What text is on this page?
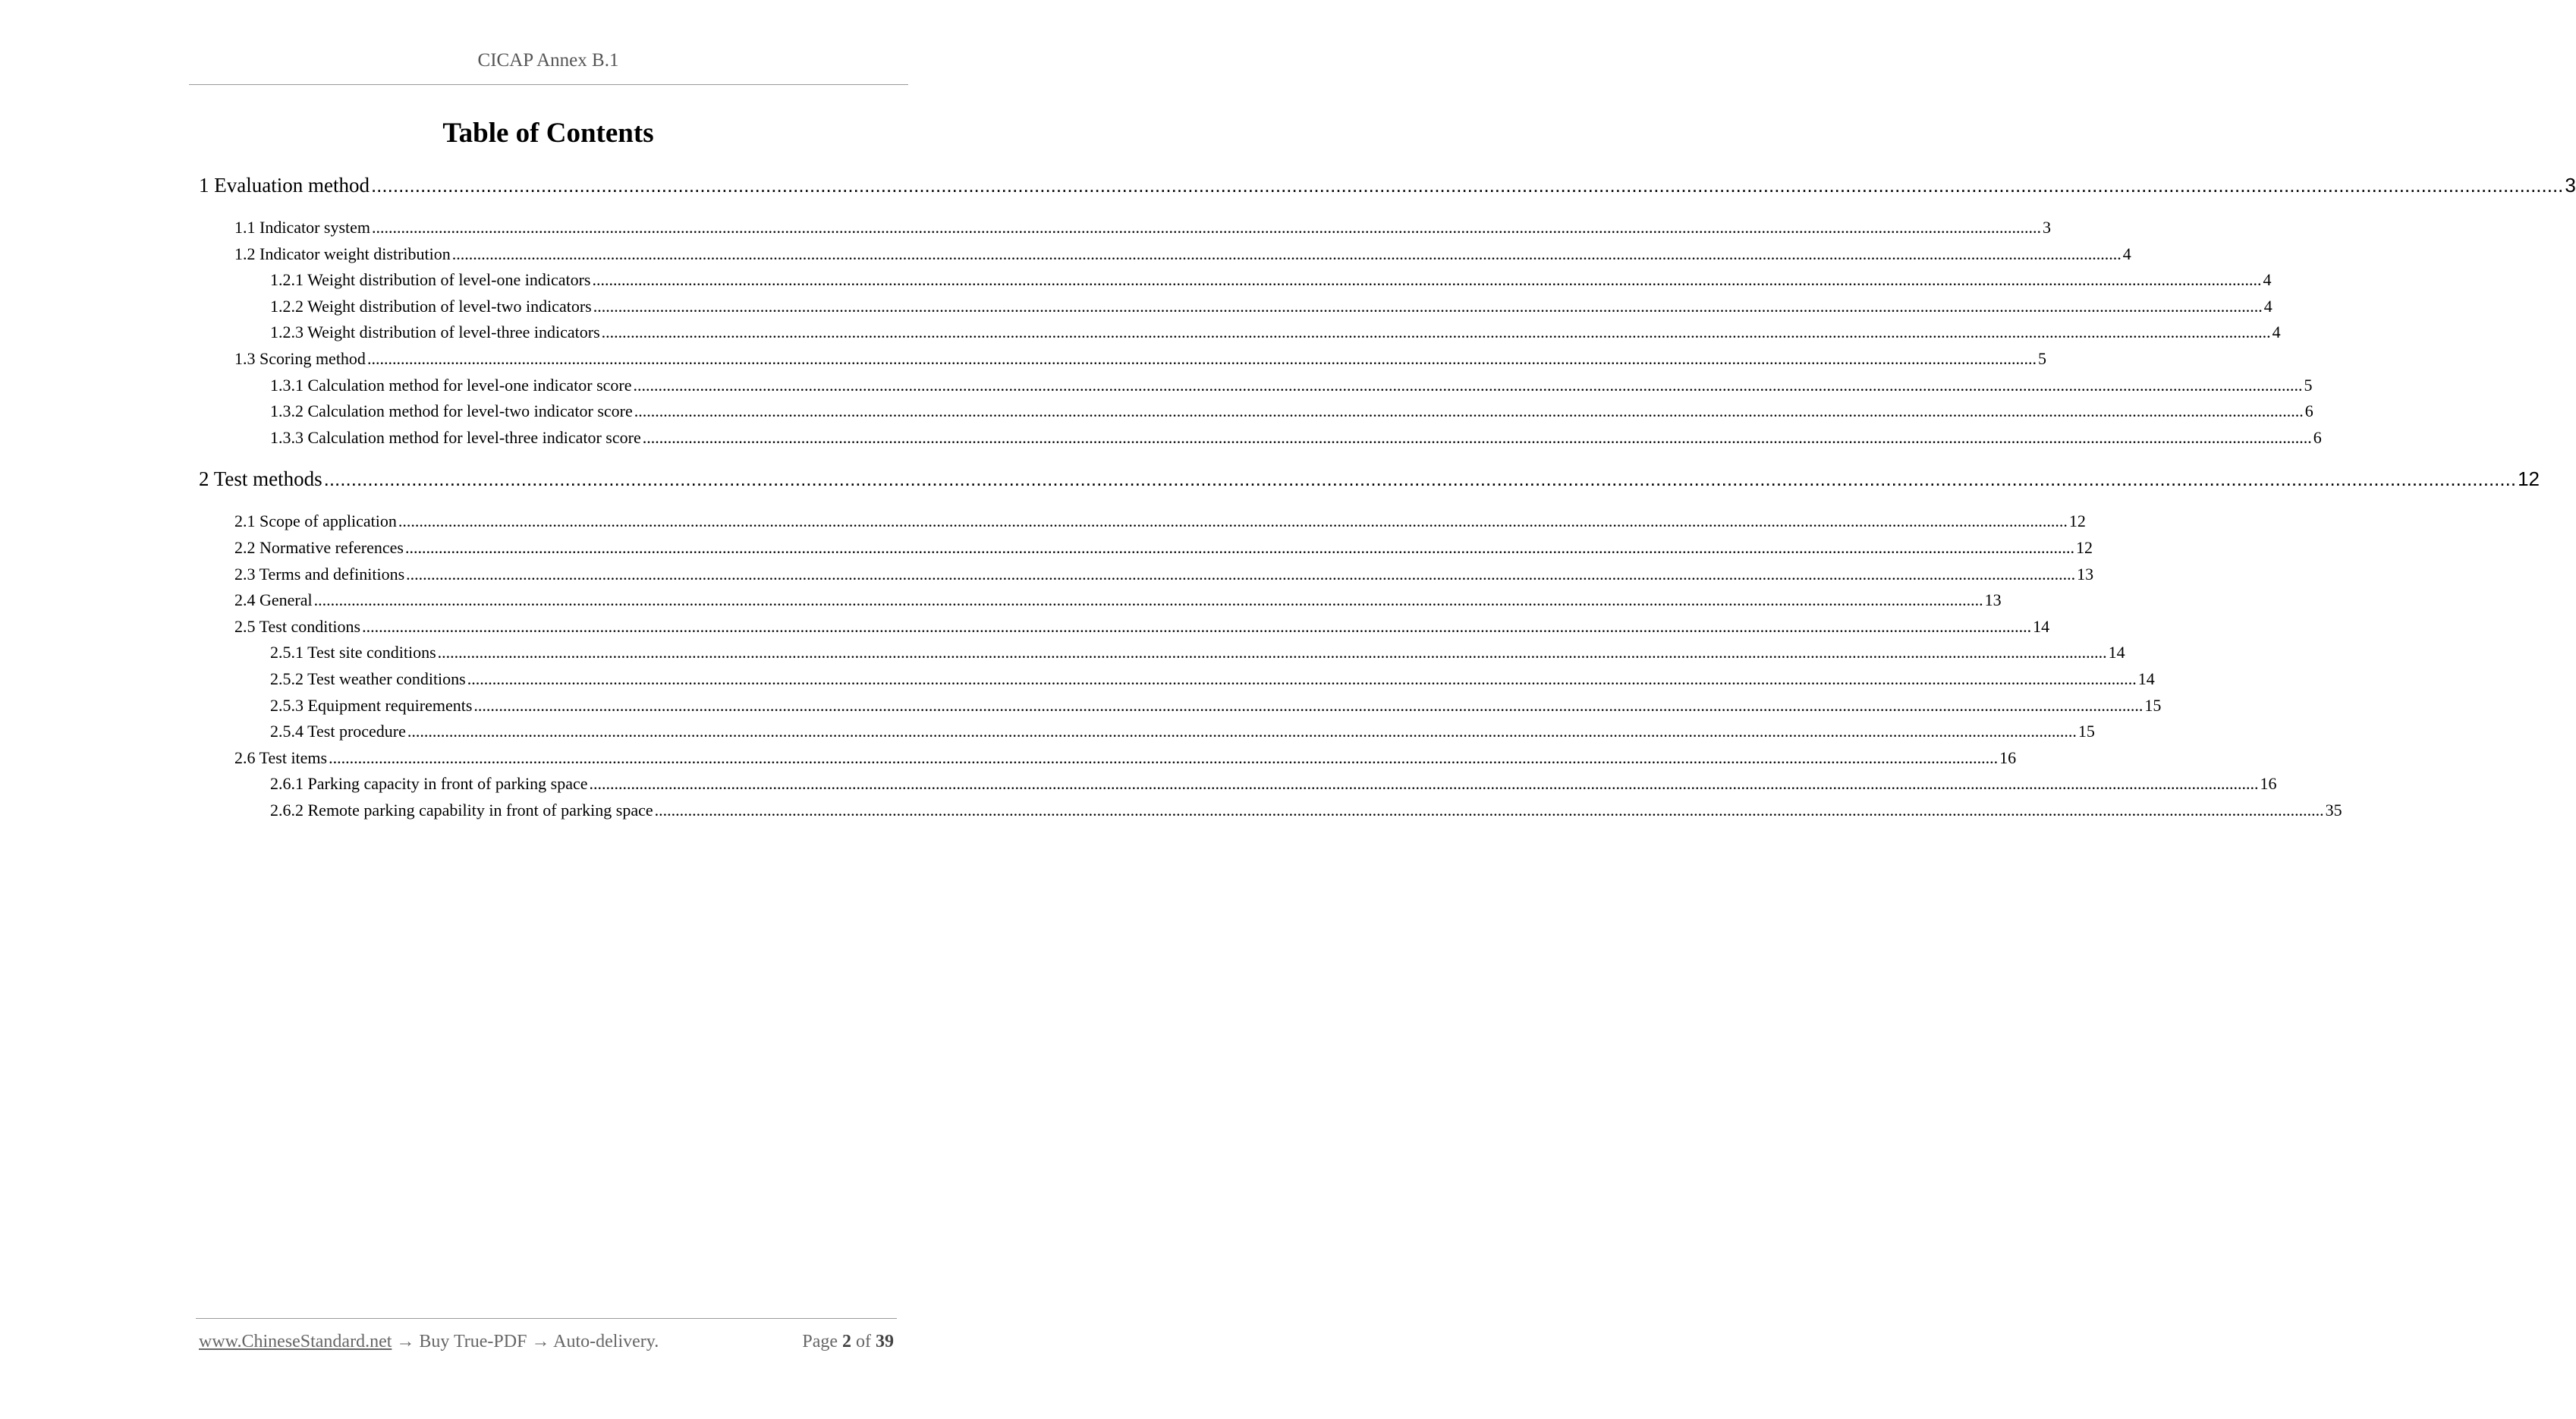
CICAP Annex B.1
Table of Contents
1 Evaluation method ................................................................................................................................................................................................................................................................................................................................................................................................................ 3
1.1 Indicator system ................................................................................................................................................................................................................................................................................................................................................................................................................ 3
1.2 Indicator weight distribution ................................................................................................................................................................................................................................................................................................................................................................................................................ 4
1.2.1 Weight distribution of level-one indicators ................................................................................................................................................................................................................................................................................................................................................................................................................ 4
1.2.2 Weight distribution of level-two indicators ................................................................................................................................................................................................................................................................................................................................................................................................................ 4
1.2.3 Weight distribution of level-three indicators ................................................................................................................................................................................................................................................................................................................................................................................................................ 4
1.3 Scoring method ................................................................................................................................................................................................................................................................................................................................................................................................................ 5
1.3.1 Calculation method for level-one indicator score ................................................................................................................................................................................................................................................................................................................................................................................................................ 5
1.3.2 Calculation method for level-two indicator score ................................................................................................................................................................................................................................................................................................................................................................................................................ 6
1.3.3 Calculation method for level-three indicator score ................................................................................................................................................................................................................................................................................................................................................................................................................ 6
2 Test methods ................................................................................................................................................................................................................................................................................................................................................................................................................ 12
2.1 Scope of application ................................................................................................................................................................................................................................................................................................................................................................................................................ 12
2.2 Normative references ................................................................................................................................................................................................................................................................................................................................................................................................................ 12
2.3 Terms and definitions ................................................................................................................................................................................................................................................................................................................................................................................................................ 13
2.4 General ................................................................................................................................................................................................................................................................................................................................................................................................................ 13
2.5 Test conditions ................................................................................................................................................................................................................................................................................................................................................................................................................ 14
2.5.1 Test site conditions ................................................................................................................................................................................................................................................................................................................................................................................................................ 14
2.5.2 Test weather conditions ................................................................................................................................................................................................................................................................................................................................................................................................................ 14
2.5.3 Equipment requirements ................................................................................................................................................................................................................................................................................................................................................................................................................ 15
2.5.4 Test procedure ................................................................................................................................................................................................................................................................................................................................................................................................................ 15
2.6 Test items ................................................................................................................................................................................................................................................................................................................................................................................................................ 16
2.6.1 Parking capacity in front of parking space ................................................................................................................................................................................................................................................................................................................................................................................................................ 16
2.6.2 Remote parking capability in front of parking space ................................................................................................................................................................................................................................................................................................................................................................................................................ 35
www.ChineseStandard.net → Buy True-PDF → Auto-delivery.	Page 2 of 39
